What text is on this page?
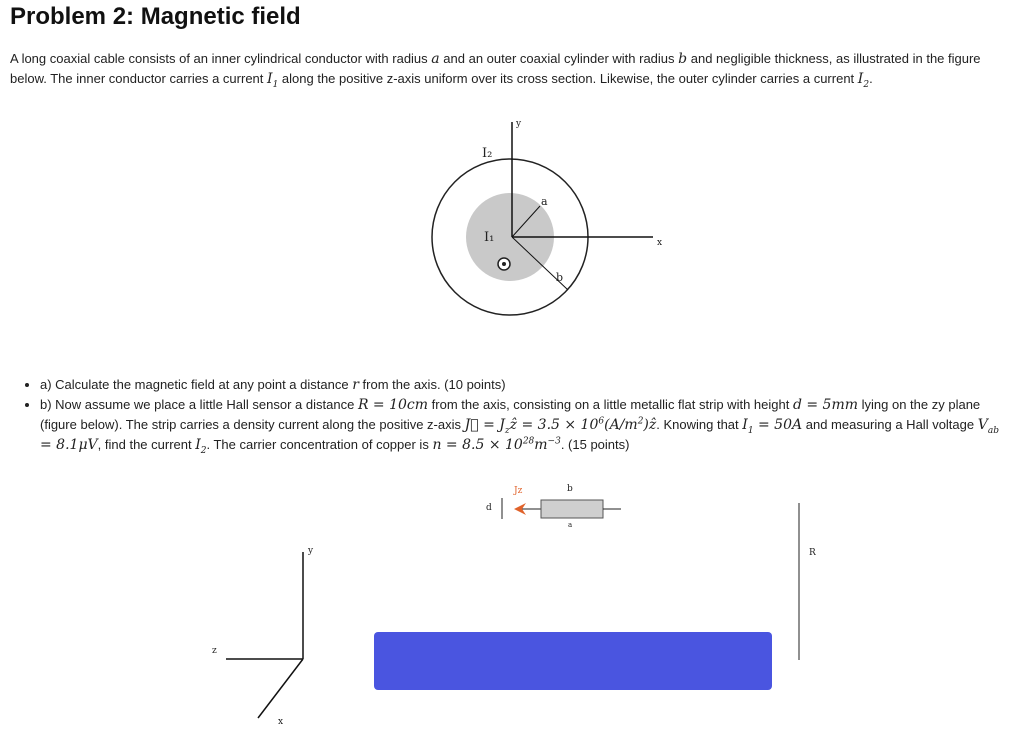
Problem 2: Magnetic field

A long coaxial cable consists of an inner cylindrical conductor with radius a and an outer coaxial cylinder with radius b and negligible thickness, as illustrated in the figure below. The inner conductor carries a current $I_1$ along the positive z-axis uniform over its cross section. Likewise, the outer cylinder carries a current $I_2$.

I₂
I₁
a
b
x
y
d
Jz	b
a
y
z
x
R
• a) Calculate the magnetic field at any point a distance r from the axis. (10 points)
• b) Now assume we place a little Hall sensor a distance R = 10cm from the axis, consisting on a little metallic flat strip with height d = 5mm lying on the zy plane (figure below). The strip carries a density current along the positive z-axis J⃗ = $J_zẑ = 3.5$ × $10^6(A/m^2)ẑ$. Knowing that $I_1 = 50A$ and measuring a Hall voltage $V_{ab} = 8.1\mu V$, find the current $I_2$. The carrier concentration of copper is $n = 8.5 \times 10^{28}m^{-3}$. (15 points)
